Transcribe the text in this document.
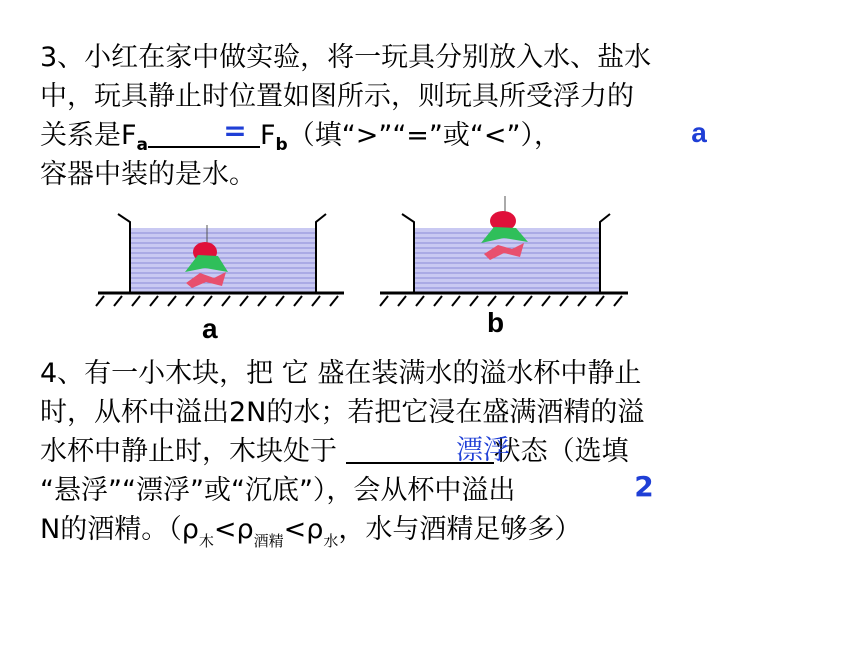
3、小红在家中做实验，将一玩具分别放入水、盐水
中，玩具静止时位置如图所示，则玩具所受浮力的
关系是$F_a$	$F_b$（填“>”“=”或“<”），
容器中装的是水。
=	a
a	b
4、有一小木块，把 它 盛在装满水的溢水杯中静止
时，从杯中溢出2N的水；若把它浸在盛满酒精的溢
水杯中静止时，木块处于	状态（选填
“悬浮”“漂浮”或“沉底”），会从杯中溢出
N的酒精。（$\rho_木<\rho_{酒精}<\rho_水$，水与酒精足够多）
漂浮
2
